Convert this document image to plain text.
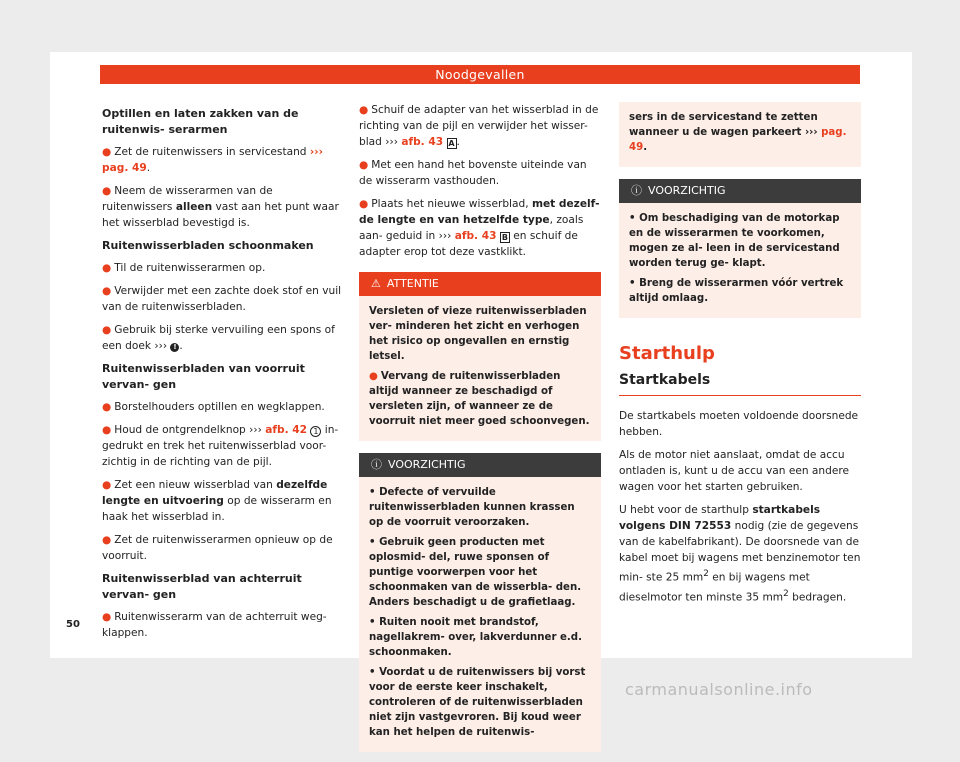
Noodgevallen
Optillen en laten zakken van de ruitenwis- serarmen

● Zet de ruitenwissers in servicestand ››› pag. 49.

● Neem de wisserarmen van de ruitenwissers alleen vast aan het punt waar het wisserblad bevestigd is.

Ruitenwisserbladen schoonmaken

● Til de ruitenwisserarmen op.

● Verwijder met een zachte doek stof en vuil van de ruitenwisserbladen.

● Gebruik bij sterke vervuiling een spons of een doek ››› ! .

Ruitenwisserbladen van voorruit vervan- gen

● Borstelhouders optillen en wegklappen.

● Houd de ontgrendelknop ››› afb. 42 1 in- gedrukt en trek het ruitenwisserblad voor- zichtig in de richting van de pijl.

● Zet een nieuw wisserblad van dezelfde lengte en uitvoering op de wisserarm en haak het wisserblad in.

● Zet de ruitenwisserarmen opnieuw op de voorruit.

Ruitenwisserblad van achterruit vervan- gen

● Ruitenwisserarm van de achterruit weg- klappen.

● Schuif de adapter van het wisserblad in de richting van de pijl en verwijder het wisser- blad ››› afb. 43 A .

● Met een hand het bovenste uiteinde van de wisserarm vasthouden.

● Plaats het nieuwe wisserblad, met dezelf- de lengte en van hetzelfde type, zoals aan- geduid in ››› afb. 43 B en schuif de adapter erop tot deze vastklikt.

⚠ ATTENTIE

Versleten of vieze ruitenwisserbladen ver- minderen het zicht en verhogen het risico op ongevallen en ernstig letsel.

● Vervang de ruitenwisserbladen altijd wanneer ze beschadigd of versleten zijn, of wanneer ze de voorruit niet meer goed schoonvegen.

ⓘ VOORZICHTIG

• Defecte of vervuilde ruitenwisserbladen kunnen krassen op de voorruit veroorzaken.

• Gebruik geen producten met oplosmid- del, ruwe sponsen of puntige voorwerpen voor het schoonmaken van de wisserbla- den. Anders beschadigt u de grafietlaag.

• Ruiten nooit met brandstof, nagellakrem- over, lakverdunner e.d. schoonmaken.

• Voordat u de ruitenwissers bij vorst voor de eerste keer inschakelt, controleren of de ruitenwisserbladen niet zijn vastgevroren. Bij koud weer kan het helpen de ruitenwis-

sers in de servicestand te zetten wanneer u de wagen parkeert ››› pag. 49.

ⓘ VOORZICHTIG

• Om beschadiging van de motorkap en de wisserarmen te voorkomen, mogen ze al- leen in de servicestand worden terug ge- klapt.

• Breng de wisserarmen vóór vertrek altijd omlaag.

Starthulp
Startkabels

De startkabels moeten voldoende doorsnede hebben.

Als de motor niet aanslaat, omdat de accu ontladen is, kunt u de accu van een andere wagen voor het starten gebruiken.

U hebt voor de starthulp startkabels volgens DIN 72553 nodig (zie de gegevens van de kabelfabrikant). De doorsnede van de kabel moet bij wagens met benzinemotor ten min- ste 25 $mm^2$ en bij wagens met dieselmotor ten minste 35 $mm^2$ bedragen.

50
carmanualsonline.info
